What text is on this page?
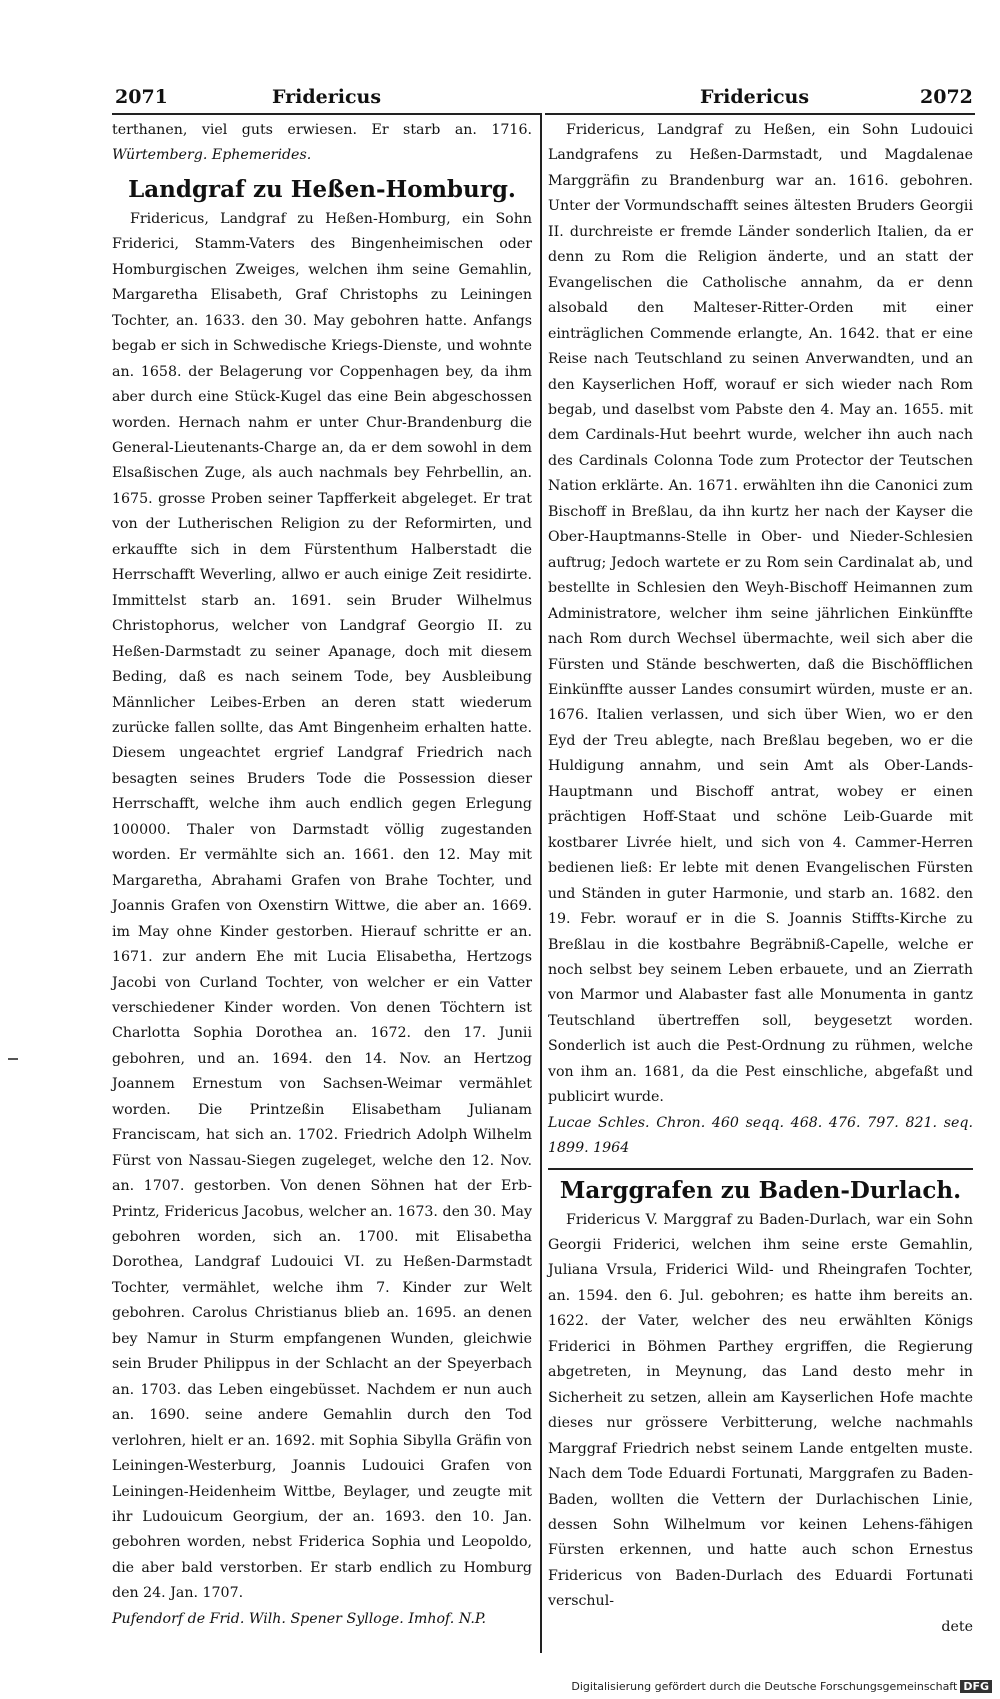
2071	Fridericus	Fridericus	2072

terthanen, viel guts erwiesen. Er starb an. 1716. Würtemberg. Ephemerides.

Landgraf zu Heßen-Homburg.

Fridericus, Landgraf zu Heßen-Homburg, ein Sohn Friderici, Stamm-Vaters des Bingenheimischen oder Homburgischen Zweiges, welchen ihm seine Gemahlin, Margaretha Elisabeth, Graf Christophs zu Leiningen Tochter, an. 1633. den 30. May gebohren hatte. Anfangs begab er sich in Schwedische Kriegs-Dienste, und wohnte an. 1658. der Belagerung vor Coppenhagen bey, da ihm aber durch eine Stück-Kugel das eine Bein abgeschossen worden. Hernach nahm er unter Chur-Brandenburg die General-Lieutenants-Charge an, da er dem sowohl in dem Elsaßischen Zuge, als auch nachmals bey Fehrbellin, an. 1675. grosse Proben seiner Tapfferkeit abgeleget. Er trat von der Lutherischen Religion zu der Reformirten, und erkauffte sich in dem Fürstenthum Halberstadt die Herrschafft Weverling, allwo er auch einige Zeit residirte. Immittelst starb an. 1691. sein Bruder Wilhelmus Christophorus, welcher von Landgraf Georgio II. zu Heßen-Darmstadt zu seiner Apanage, doch mit diesem Beding, daß es nach seinem Tode, bey Ausbleibung Männlicher Leibes-Erben an deren statt wiederum zurücke fallen sollte, das Amt Bingenheim erhalten hatte. Diesem ungeachtet ergrief Landgraf Friedrich nach besagten seines Bruders Tode die Possession dieser Herrschafft, welche ihm auch endlich gegen Erlegung 100000. Thaler von Darmstadt völlig zugestanden worden. Er vermählte sich an. 1661. den 12. May mit Margaretha, Abrahami Grafen von Brahe Tochter, und Joannis Grafen von Oxenstirn Wittwe, die aber an. 1669. im May ohne Kinder gestorben. Hierauf schritte er an. 1671. zur andern Ehe mit Lucia Elisabetha, Hertzogs Jacobi von Curland Tochter, von welcher er ein Vatter verschiedener Kinder worden. Von denen Töchtern ist Charlotta Sophia Dorothea an. 1672. den 17. Junii gebohren, und an. 1694. den 14. Nov. an Hertzog Joannem Ernestum von Sachsen-Weimar vermählet worden. Die Printzeßin Elisabetham Julianam Franciscam, hat sich an. 1702. Friedrich Adolph Wilhelm Fürst von Nassau-Siegen zugeleget, welche den 12. Nov. an. 1707. gestorben. Von denen Söhnen hat der Erb-Printz, Fridericus Jacobus, welcher an. 1673. den 30. May gebohren worden, sich an. 1700. mit Elisabetha Dorothea, Landgraf Ludouici VI. zu Heßen-Darmstadt Tochter, vermählet, welche ihm 7. Kinder zur Welt gebohren. Carolus Christianus blieb an. 1695. an denen bey Namur in Sturm empfangenen Wunden, gleichwie sein Bruder Philippus in der Schlacht an der Speyerbach an. 1703. das Leben eingebüsset. Nachdem er nun auch an. 1690. seine andere Gemahlin durch den Tod verlohren, hielt er an. 1692. mit Sophia Sibylla Gräfin von Leiningen-Westerburg, Joannis Ludouici Grafen von Leiningen-Heidenheim Wittbe, Beylager, und zeugte mit ihr Ludouicum Georgium, der an. 1693. den 10. Jan. gebohren worden, nebst Friderica Sophia und Leopoldo, die aber bald verstorben. Er starb endlich zu Homburg den 24. Jan. 1707.

Pufendorf de Frid. Wilh. Spener Sylloge. Imhof. N.P.

Fridericus, Landgraf zu Heßen, ein Sohn Ludouici Landgrafens zu Heßen-Darmstadt, und Magdalenae Marggräfin zu Brandenburg war an. 1616. gebohren. Unter der Vormundschafft seines ältesten Bruders Georgii II. durchreiste er fremde Länder sonderlich Italien, da er denn zu Rom die Religion änderte, und an statt der Evangelischen die Catholische annahm, da er denn alsobald den Malteser-Ritter-Orden mit einer einträglichen Commende erlangte, An. 1642. that er eine Reise nach Teutschland zu seinen Anverwandten, und an den Kayserlichen Hoff, worauf er sich wieder nach Rom begab, und daselbst vom Pabste den 4. May an. 1655. mit dem Cardinals-Hut beehrt wurde, welcher ihn auch nach des Cardinals Colonna Tode zum Protector der Teutschen Nation erklärte. An. 1671. erwählten ihn die Canonici zum Bischoff in Breßlau, da ihn kurtz her nach der Kayser die Ober-Hauptmanns-Stelle in Ober- und Nieder-Schlesien auftrug; Jedoch wartete er zu Rom sein Cardinalat ab, und bestellte in Schlesien den Weyh-Bischoff Heimannen zum Administratore, welcher ihm seine jährlichen Einkünffte nach Rom durch Wechsel übermachte, weil sich aber die Fürsten und Stände beschwerten, daß die Bischöfflichen Einkünffte ausser Landes consumirt würden, muste er an. 1676. Italien verlassen, und sich über Wien, wo er den Eyd der Treu ablegte, nach Breßlau begeben, wo er die Huldigung annahm, und sein Amt als Ober-Lands-Hauptmann und Bischoff antrat, wobey er einen prächtigen Hoff-Staat und schöne Leib-Guarde mit kostbarer Livrée hielt, und sich von 4. Cammer-Herren bedienen ließ: Er lebte mit denen Evangelischen Fürsten und Ständen in guter Harmonie, und starb an. 1682. den 19. Febr. worauf er in die S. Joannis Stiffts-Kirche zu Breßlau in die kostbahre Begräbniß-Capelle, welche er noch selbst bey seinem Leben erbauete, und an Zierrath von Marmor und Alabaster fast alle Monumenta in gantz Teutschland übertreffen soll, beygesetzt worden. Sonderlich ist auch die Pest-Ordnung zu rühmen, welche von ihm an. 1681, da die Pest einschliche, abgefaßt und publicirt wurde.

Lucae Schles. Chron. 460 seqq. 468. 476. 797. 821. seq. 1899. 1964

Marggrafen zu Baden-Durlach.

Fridericus V. Marggraf zu Baden-Durlach, war ein Sohn Georgii Friderici, welchen ihm seine erste Gemahlin, Juliana Vrsula, Friderici Wild- und Rheingrafen Tochter, an. 1594. den 6. Jul. gebohren; es hatte ihm bereits an. 1622. der Vater, welcher des neu erwählten Königs Friderici in Böhmen Parthey ergriffen, die Regierung abgetreten, in Meynung, das Land desto mehr in Sicherheit zu setzen, allein am Kayserlichen Hofe machte dieses nur grössere Verbitterung, welche nachmahls Marggraf Friedrich nebst seinem Lande entgelten muste. Nach dem Tode Eduardi Fortunati, Marggrafen zu Baden-Baden, wollten die Vettern der Durlachischen Linie, dessen Sohn Wilhelmum vor keinen Lehens-fähigen Fürsten erkennen, und hatte auch schon Ernestus Fridericus von Baden-Durlach des Eduardi Fortunati verschul-

dete

Digitalisierung gefördert durch die Deutsche Forschungsgemeinschaft DFG
